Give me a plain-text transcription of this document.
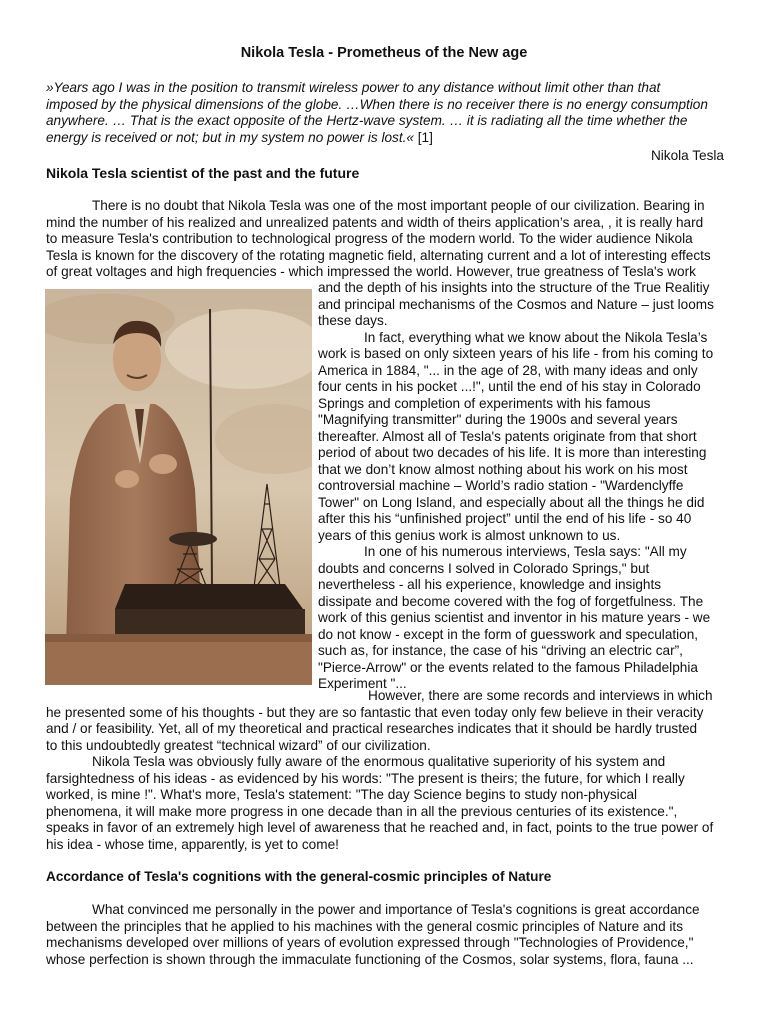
Nikola Tesla - Prometheus of the New age
»Years ago I was in the position to transmit wireless power to any distance without limit other than that
imposed by the physical dimensions of the globe. …When there is no receiver there is no energy consumption
anywhere. … That is the exact opposite of the Hertz-wave system. … it is radiating all the time whether the
energy is received or not; but in my system no power is lost.« [1]
Nikola Tesla
Nikola Tesla scientist of the past and the future
There is no doubt that Nikola Tesla was one of the most important people of our civilization. Bearing in
mind the number of his realized and unrealized patents and width of theirs application’s area, , it is really hard
to measure Tesla's contribution to technological progress of the modern world. To the wider audience Nikola
Tesla is known for the discovery of the rotating magnetic field, alternating current and a lot of interesting effects
of great voltages and high frequencies - which impressed the world. However, true greatness of Tesla's work
and the depth of his insights into the structure of the True Realitiy
and principal mechanisms of the Cosmos and Nature – just looms
these days.
In fact, everything what we know about the Nikola Tesla’s
work is based on only sixteen years of his life - from his coming to
America in 1884, "... in the age of 28, with many ideas and only
four cents in his pocket ...!", until the end of his stay in Colorado
Springs and completion of experiments with his famous
"Magnifying transmitter" during the 1900s and several years
thereafter. Almost all of Tesla's patents originate from that short
period of about two decades of his life. It is more than interesting
that we don’t know almost nothing about his work on his most
controversial machine – World’s radio station - "Wardenclyffe
Tower" on Long Island, and especially about all the things he did
after this his “unfinished project” until the end of his life - so 40
years of this genius work is almost unknown to us.
In one of his numerous interviews, Tesla says: "All my
doubts and concerns I solved in Colorado Springs," but
nevertheless - all his experience, knowledge and insights
dissipate and become covered with the fog of forgetfulness. The
work of this genius scientist and inventor in his mature years - we
do not know - except in the form of guesswork and speculation,
such as, for instance, the case of his “driving an electric car”,
"Pierce-Arrow" or the events related to the famous Philadelphia
Experiment "...
However, there are some records and interviews in which
he presented some of his thoughts - but they are so fantastic that even today only few believe in their veracity
and / or feasibility. Yet, all of my theoretical and practical researches indicates that it should be hardly trusted
to this undoubtedly greatest “technical wizard” of our civilization.
Nikola Tesla was obviously fully aware of the enormous qualitative superiority of his system and
farsightedness of his ideas - as evidenced by his words: "The present is theirs; the future, for which I really
worked, is mine !". What's more, Tesla's statement: "The day Science begins to study non-physical
phenomena, it will make more progress in one decade than in all the previous centuries of its existence.",
speaks in favor of an extremely high level of awareness that he reached and, in fact, points to the true power of
his idea - whose time, apparently, is yet to come!
Accordance of Tesla's cognitions with the general-cosmic principles of Nature
What convinced me personally in the power and importance of Tesla's cognitions is great accordance
between the principles that he applied to his machines with the general cosmic principles of Nature and its
mechanisms developed over millions of years of evolution expressed through "Technologies of Providence,"
whose perfection is shown through the immaculate functioning of the Cosmos, solar systems, flora, fauna ...
